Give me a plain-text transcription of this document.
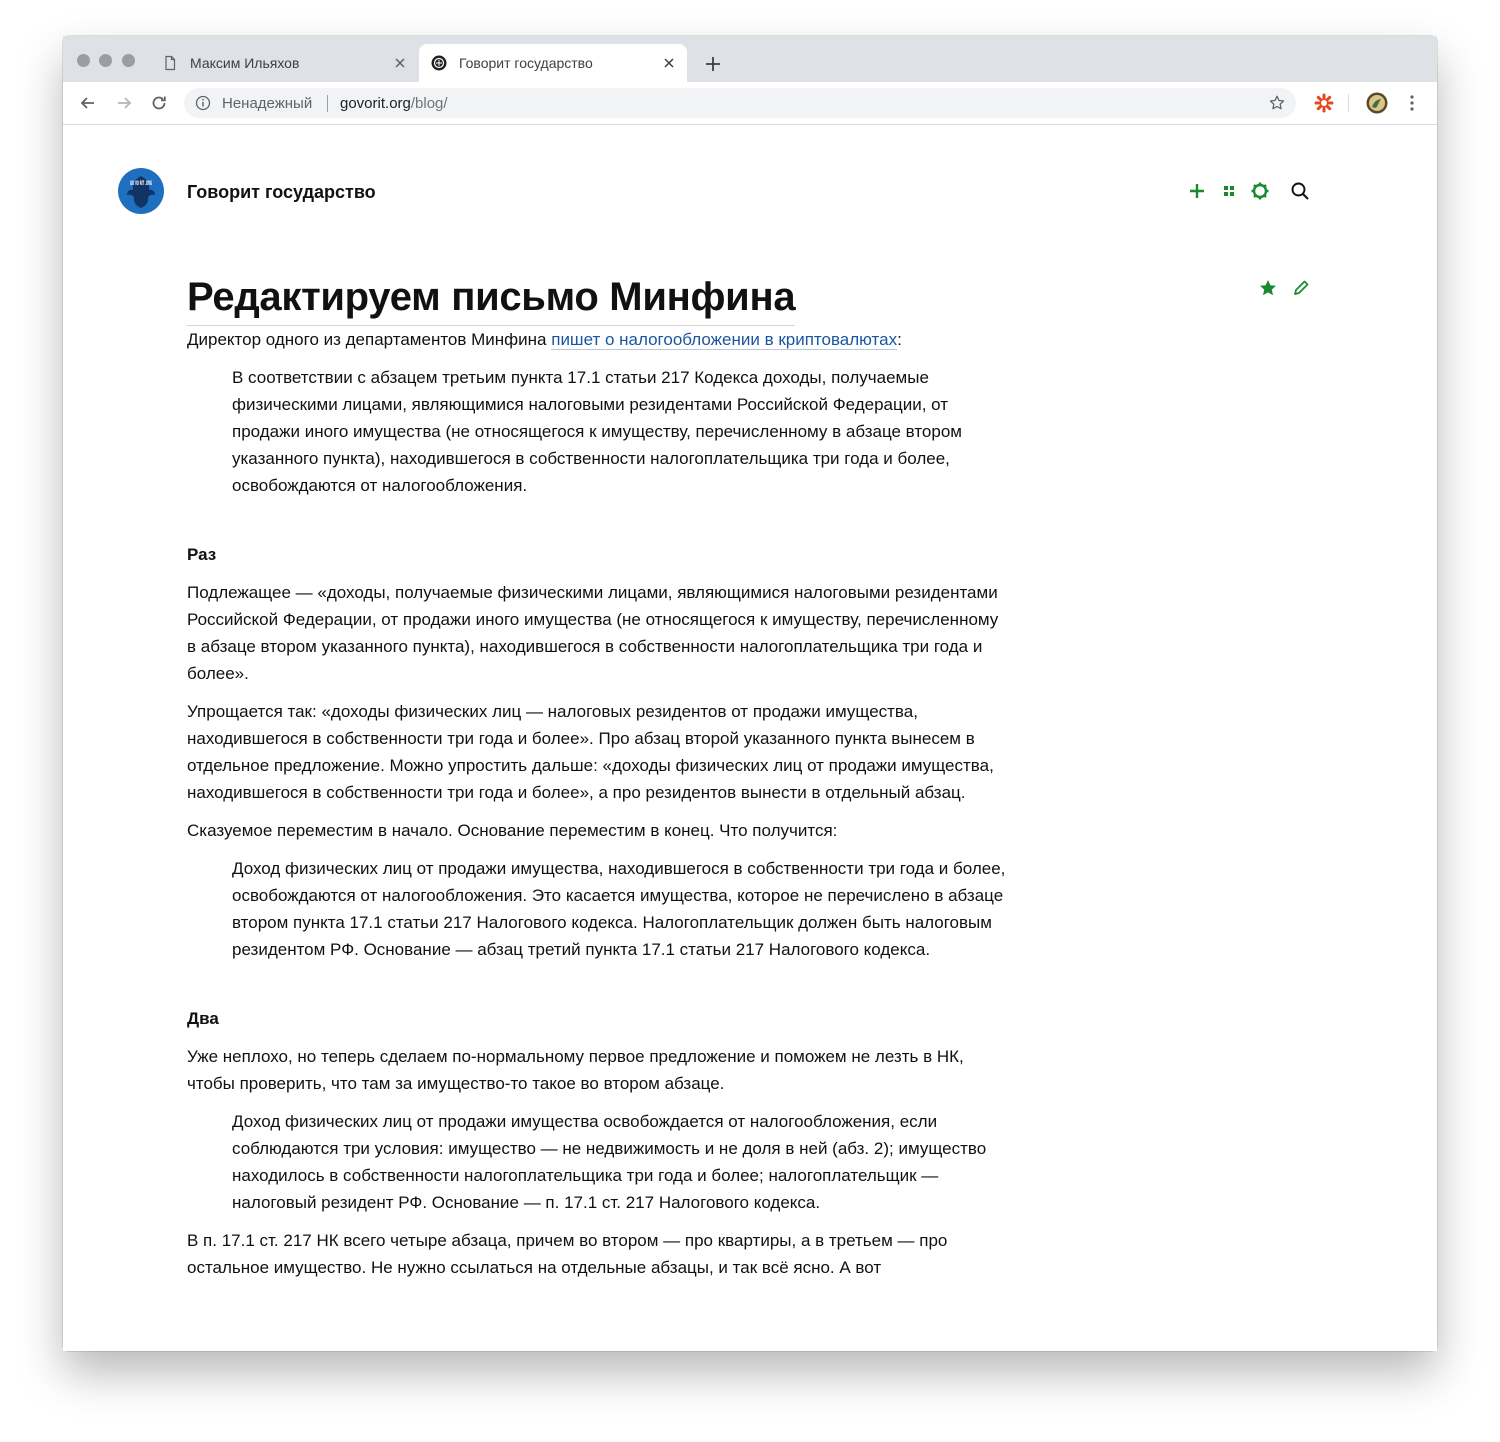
Максим Ильяхов	Говорит государство
Ненадежный govorit.org/blog/
GO VO RIT .ORG Говорит государство
Редактируем письмо Минфина

Директор одного из департаментов Минфина пишет о налогообложении в криптовалютах:

В соответствии с абзацем третьим пункта 17.1 статьи 217 Кодекса доходы, получаемые физическими лицами, являющимися налоговыми резидентами Российской Федерации, от продажи иного имущества (не относящегося к имуществу, перечисленному в абзаце втором указанного пункта), находившегося в собственности налогоплательщика три года и более, освобождаются от налогообложения.
Раз

Подлежащее — «доходы, получаемые физическими лицами, являющимися налоговыми резидентами Российской Федерации, от продажи иного имущества (не относящегося к имуществу, перечисленному в абзаце втором указанного пункта), находившегося в собственности налогоплательщика три года и более».

Упрощается так: «доходы физических лиц — налоговых резидентов от продажи имущества, находившегося в собственности три года и более». Про абзац второй указанного пункта вынесем в отдельное предложение. Можно упростить дальше: «доходы физических лиц от продажи имущества, находившегося в собственности три года и более», а про резидентов вынести в отдельный абзац.

Сказуемое переместим в начало. Основание переместим в конец. Что получится:

Доход физических лиц от продажи имущества, находившегося в собственности три года и более, освобождаются от налогообложения. Это касается имущества, которое не перечислено в абзаце втором пункта 17.1 статьи 217 Налогового кодекса. Налогоплательщик должен быть налоговым резидентом РФ. Основание — абзац третий пункта 17.1 статьи 217 Налогового кодекса.
Два

Уже неплохо, но теперь сделаем по-нормальному первое предложение и поможем не лезть в НК, чтобы проверить, что там за имущество-то такое во втором абзаце.

Доход физических лиц от продажи имущества освобождается от налогообложения, если соблюдаются три условия: имущество — не недвижимость и не доля в ней (абз. 2); имущество находилось в собственности налогоплательщика три года и более; налогоплательщик — налоговый резидент РФ. Основание — п. 17.1 ст. 217 Налогового кодекса.

В п. 17.1 ст. 217 НК всего четыре абзаца, причем во втором — про квартиры, а в третьем — про остальное имущество. Не нужно ссылаться на отдельные абзацы, и так всё ясно. А вот
